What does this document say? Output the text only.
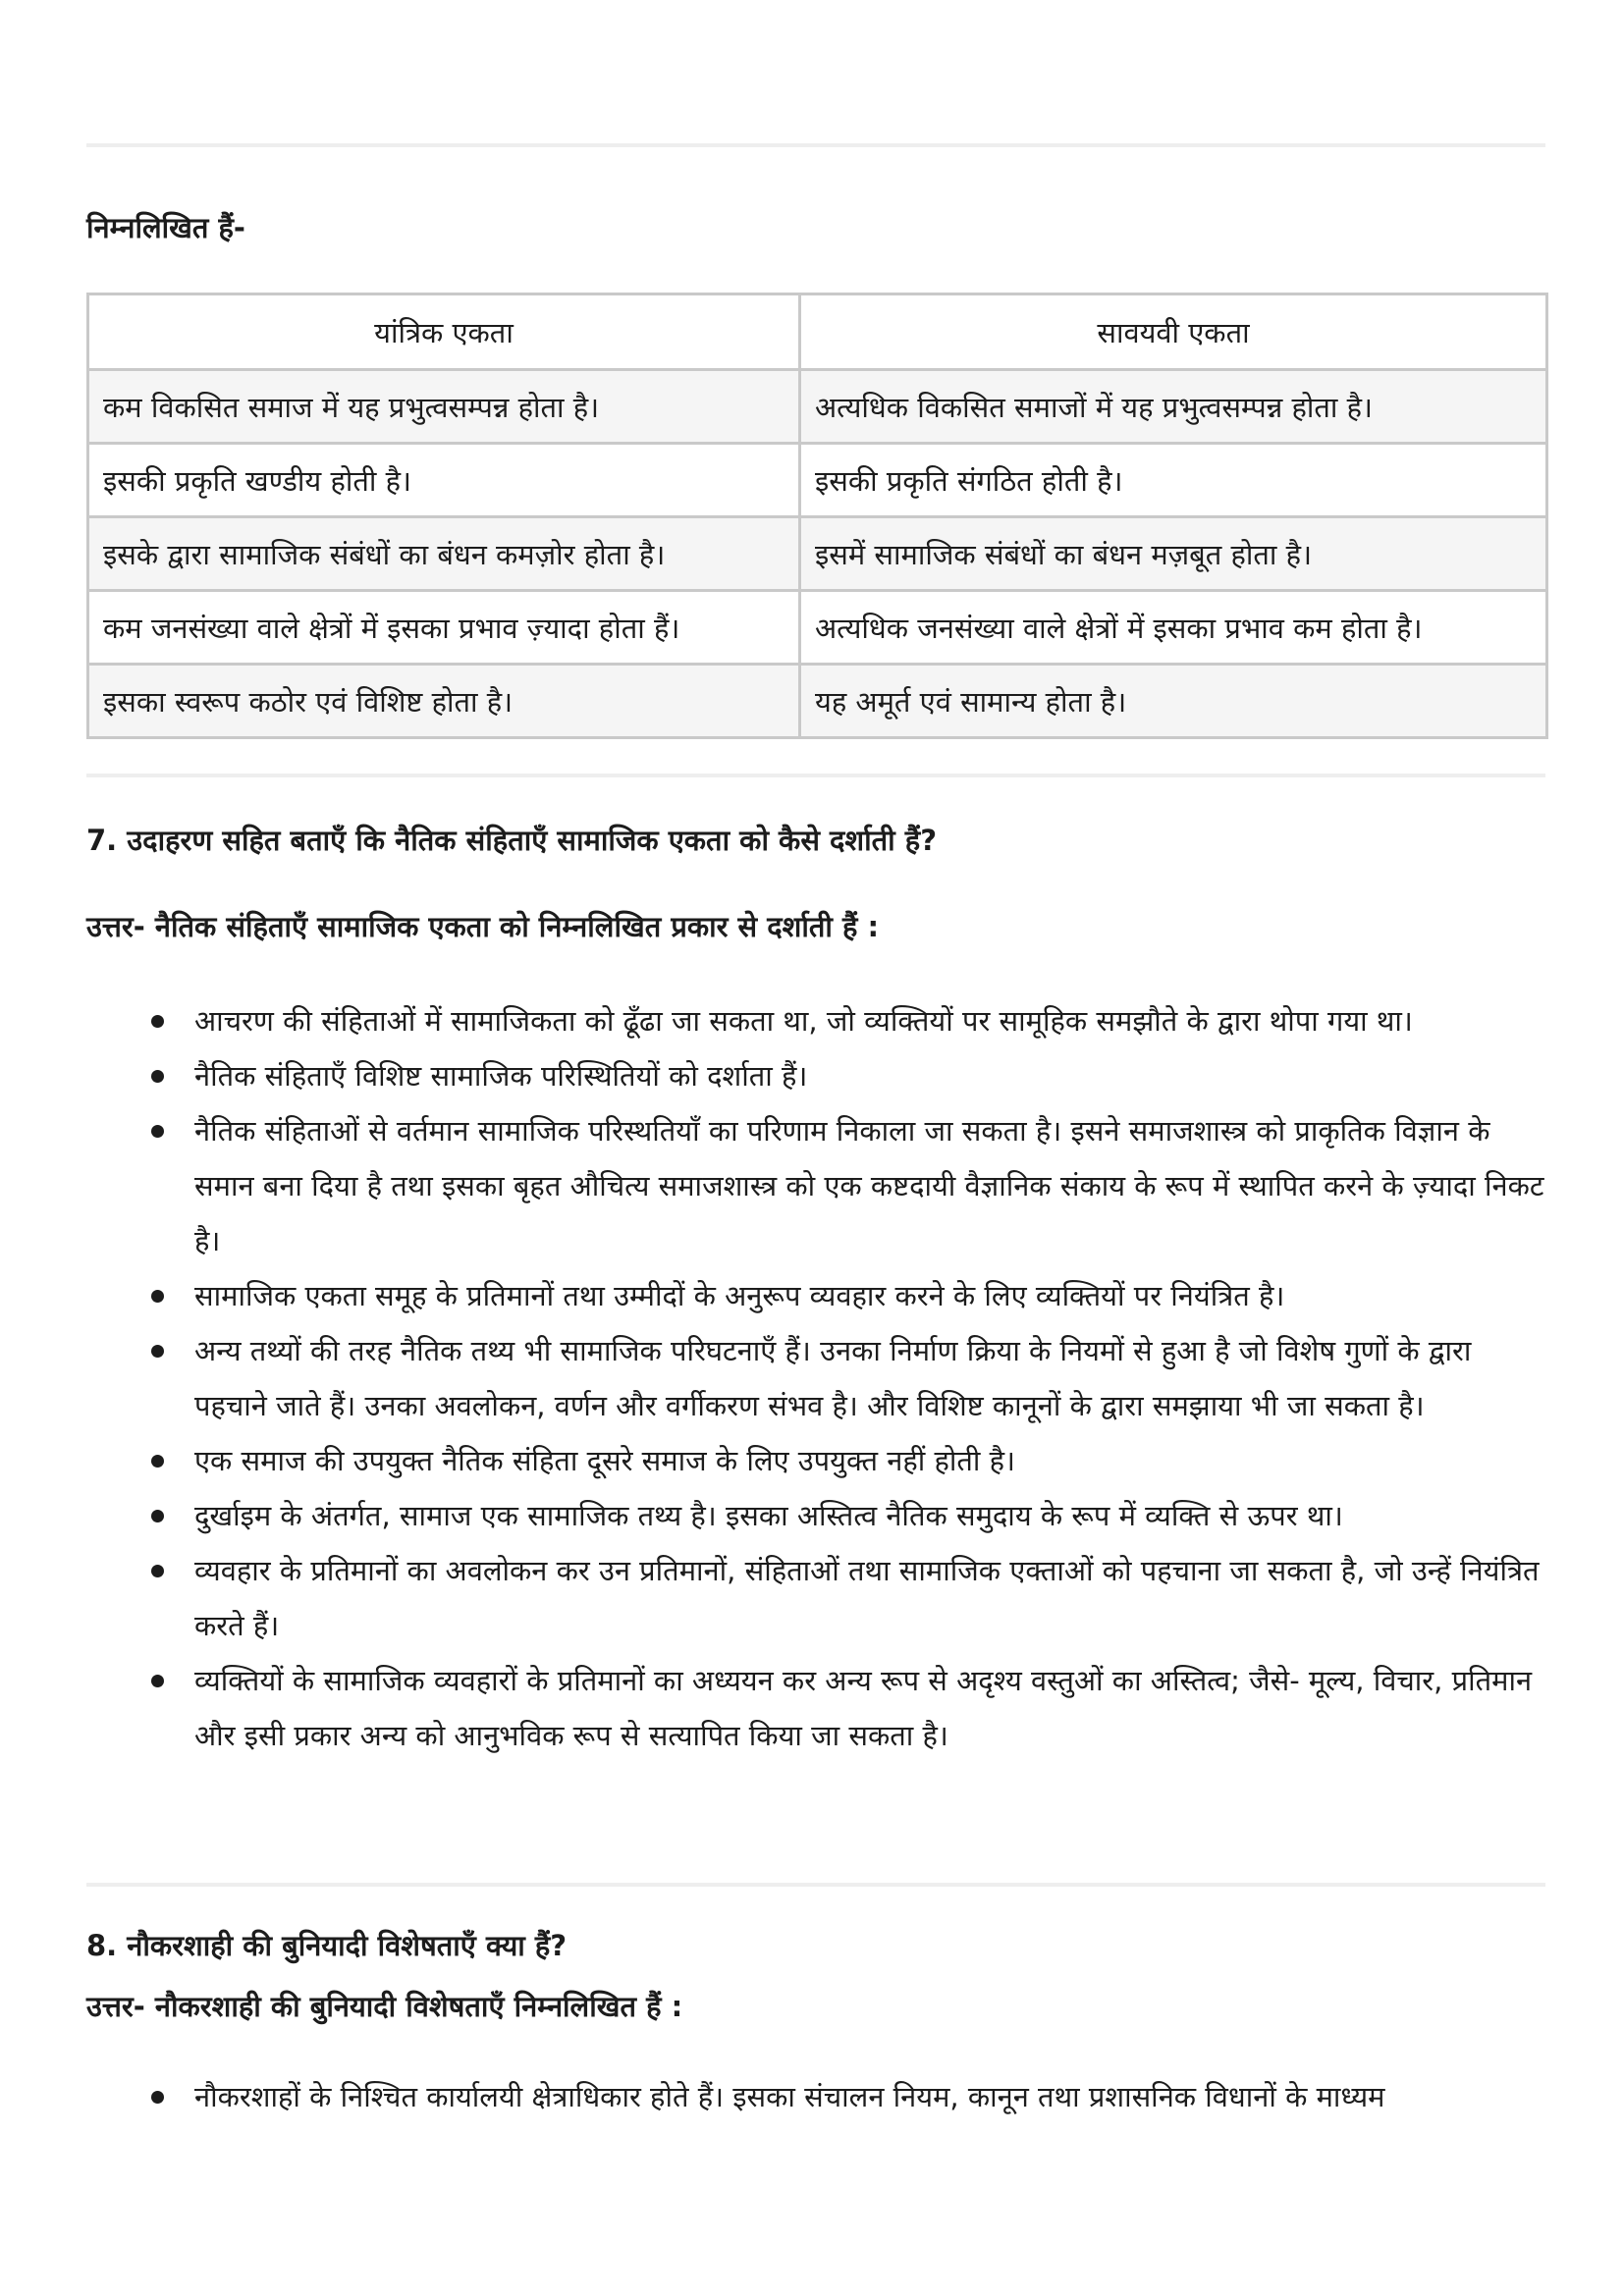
निम्नलिखित हैं-
यांत्रिक एकता	सावयवी एकता
कम विकसित समाज में यह प्रभुत्वसम्पन्न होता है।	अत्यधिक विकसित समाजों में यह प्रभुत्वसम्पन्न होता है।
इसकी प्रकृति खण्डीय होती है।	इसकी प्रकृति संगठित होती है।
इसके द्वारा सामाजिक संबंधों का बंधन कमज़ोर होता है।	इसमें सामाजिक संबंधों का बंधन मज़बूत होता है।
कम जनसंख्या वाले क्षेत्रों में इसका प्रभाव ज़्यादा होता हैं।	अत्यधिक जनसंख्या वाले क्षेत्रों में इसका प्रभाव कम होता है।
इसका स्वरूप कठोर एवं विशिष्ट होता है।	यह अमूर्त एवं सामान्य होता है।
7. उदाहरण सहित बताएँ कि नैतिक संहिताएँ सामाजिक एकता को कैसे दर्शाती हैं?
उत्तर- नैतिक संहिताएँ सामाजिक एकता को निम्नलिखित प्रकार से दर्शाती हैं :
आचरण की संहिताओं में सामाजिकता को ढूँढा जा सकता था, जो व्यक्तियों पर सामूहिक समझौते के द्वारा थोपा गया था।
नैतिक संहिताएँ विशिष्ट सामाजिक परिस्थितियों को दर्शाता हैं।
नैतिक संहिताओं से वर्तमान सामाजिक परिस्थतियाँ का परिणाम निकाला जा सकता है। इसने समाजशास्त्र को प्राकृतिक विज्ञान के समान बना दिया है तथा इसका बृहत औचित्य समाजशास्त्र को एक कष्टदायी वैज्ञानिक संकाय के रूप में स्थापित करने के ज़्यादा निकट है।
सामाजिक एकता समूह के प्रतिमानों तथा उम्मीदों के अनुरूप व्यवहार करने के लिए व्यक्तियों पर नियंत्रित है।
अन्य तथ्यों की तरह नैतिक तथ्य भी सामाजिक परिघटनाएँ हैं। उनका निर्माण क्रिया के नियमों से हुआ है जो विशेष गुणों के द्वारा पहचाने जाते हैं। उनका अवलोकन, वर्णन और वर्गीकरण संभव है। और विशिष्ट कानूनों के द्वारा समझाया भी जा सकता है।
एक समाज की उपयुक्त नैतिक संहिता दूसरे समाज के लिए उपयुक्त नहीं होती है।
दुर्खाइम के अंतर्गत, सामाज एक सामाजिक तथ्य है। इसका अस्तित्व नैतिक समुदाय के रूप में व्यक्ति से ऊपर था।
व्यवहार के प्रतिमानों का अवलोकन कर उन प्रतिमानों, संहिताओं तथा सामाजिक एक्ताओं को पहचाना जा सकता है, जो उन्हें नियंत्रित करते हैं।
व्यक्तियों के सामाजिक व्यवहारों के प्रतिमानों का अध्ययन कर अन्य रूप से अदृश्य वस्तुओं का अस्तित्व; जैसे- मूल्य, विचार, प्रतिमान और इसी प्रकार अन्य को आनुभविक रूप से सत्यापित किया जा सकता है।
8. नौकरशाही की बुनियादी विशेषताएँ क्या हैं?
उत्तर- नौकरशाही की बुनियादी विशेषताएँ निम्नलिखित हैं :
नौकरशाहों के निश्चित कार्यालयी क्षेत्राधिकार होते हैं। इसका संचालन नियम, कानून तथा प्रशासनिक विधानों के माध्यम
